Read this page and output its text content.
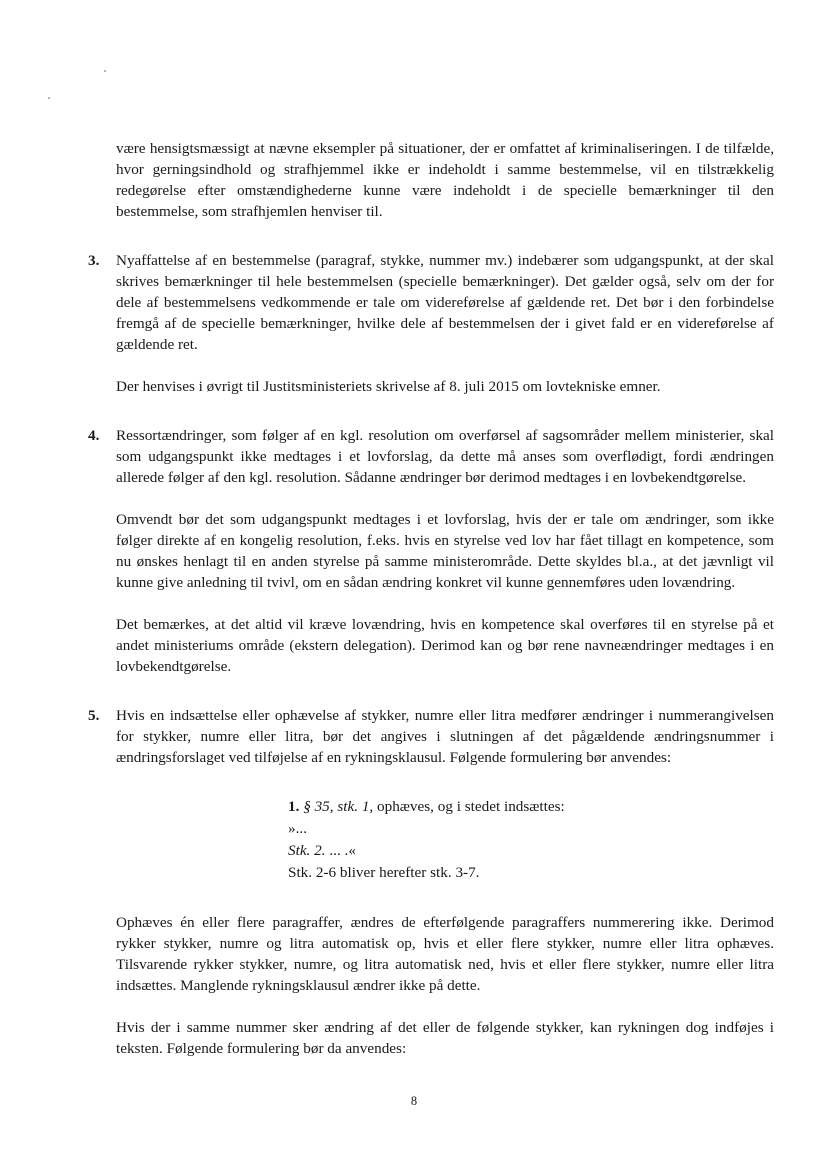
være hensigtsmæssigt at nævne eksempler på situationer, der er omfattet af kriminaliseringen. I de tilfælde, hvor gerningsindhold og strafhjemmel ikke er indeholdt i samme bestemmelse, vil en tilstrækkelig redegørelse efter omstændighederne kunne være indeholdt i de specielle bemærkninger til den bestemmelse, som strafhjemlen henviser til.

3.	Nyaffattelse af en bestemmelse (paragraf, stykke, nummer mv.) indebærer som udgangspunkt, at der skal skrives bemærkninger til hele bestemmelsen (specielle bemærkninger). Det gælder også, selv om der for dele af bestemmelsens vedkommende er tale om videreførelse af gældende ret. Det bør i den forbindelse fremgå af de specielle bemærkninger, hvilke dele af bestemmelsen der i givet fald er en videreførelse af gældende ret.

Der henvises i øvrigt til Justitsministeriets skrivelse af 8. juli 2015 om lovtekniske emner.

4.	Ressortændringer, som følger af en kgl. resolution om overførsel af sagsområder mellem ministerier, skal som udgangspunkt ikke medtages i et lovforslag, da dette må anses som overflødigt, fordi ændringen allerede følger af den kgl. resolution. Sådanne ændringer bør derimod medtages i en lovbekendtgørelse.

Omvendt bør det som udgangspunkt medtages i et lovforslag, hvis der er tale om ændringer, som ikke følger direkte af en kongelig resolution, f.eks. hvis en styrelse ved lov har fået tillagt en kompetence, som nu ønskes henlagt til en anden styrelse på samme ministerområde. Dette skyldes bl.a., at det jævnligt vil kunne give anledning til tvivl, om en sådan ændring konkret vil kunne gennemføres uden lovændring.

Det bemærkes, at det altid vil kræve lovændring, hvis en kompetence skal overføres til en styrelse på et andet ministeriums område (ekstern delegation). Derimod kan og bør rene navneændringer medtages i en lovbekendtgørelse.

5.	Hvis en indsættelse eller ophævelse af stykker, numre eller litra medfører ændringer i nummerangivelsen for stykker, numre eller litra, bør det angives i slutningen af det pågældende ændringsnummer i ændringsforslaget ved tilføjelse af en rykningsklausul. Følgende formulering bør anvendes:

1. § 35, stk. 1, ophæves, og i stedet indsættes:
»...
Stk. 2. ... .«
Stk. 2-6 bliver herefter stk. 3-7.

Ophæves én eller flere paragraffer, ændres de efterfølgende paragraffers nummerering ikke. Derimod rykker stykker, numre og litra automatisk op, hvis et eller flere stykker, numre eller litra ophæves. Tilsvarende rykker stykker, numre, og litra automatisk ned, hvis et eller flere stykker, numre eller litra indsættes. Manglende rykningsklausul ændrer ikke på dette.

Hvis der i samme nummer sker ændring af det eller de følgende stykker, kan rykningen dog indføjes i teksten. Følgende formulering bør da anvendes:

8
